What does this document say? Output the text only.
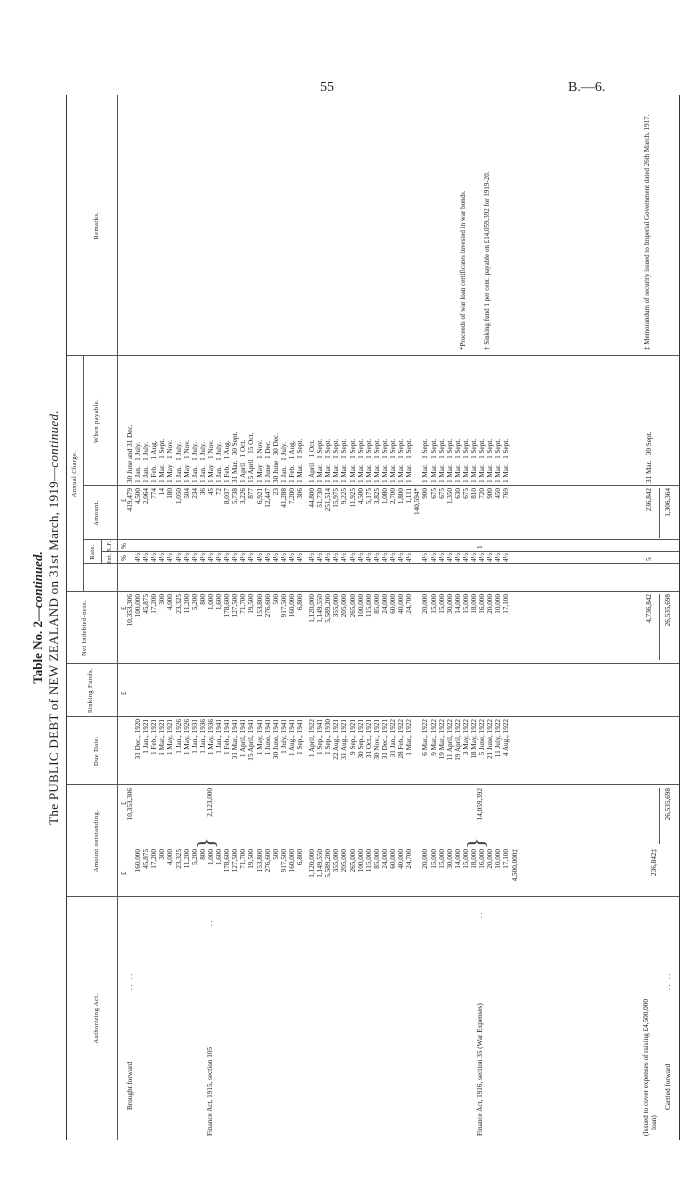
55	B.—6.
Table No. 2—continued. The PUBLIC DEBT of NEW ZEALAND on 31st March, 1919—continued.
Authorizing Act.
Amount outstanding.
Due Date.
Sinking Funds.
Net Indebted-ness.
Annual Charge.
Rate. Int.
S.F.
Amount.
When payable.
Remarks.
£
£
£
£
%
%
£
Brought forward
. .   . .
10,353,306
10,353,306
419,479
30 June and 31 Dec.
Finance Act, 1915, section 105
. .
}
2,123,000
160,000
31 Dec., 1920
100,000
4½
4,500
1 Jan.   1 July.
45,875
1 Jan., 1921
45,875
4½
2,064
1 Jan.   1 July.
17,200
1 Feb., 1921
17,200
4½
774
1 Feb.   1 Aug.
300
1 Mar., 1921
300
4½
14
1 Mar.   1 Sept.
4,000
1 May, 1921
4,000
4½
180
1 May   1 Nov.
23,325
1 Jan., 1926
23,325
4½
1,050
1 Jan.   1 July.
11,200
1 May, 1926
11,200
4½
504
1 May   1 Nov.
5,200
1 Jan., 1931
5,200
4½
234
1 Jan.   1 July.
800
1 Jan., 1936
800
4½
36
1 Jan.   1 July.
1,000
1 May, 1936
1,000
4½
45
1 May   1 Nov.
1,600
1 Jan., 1941
1,600
4½
72
1 Jan.   1 July.
178,600
1 Feb., 1941
178,600
4½
8,037
1 Feb.   1 Aug.
127,500
31 Mar., 1941
127,500
4½
5,738
31 Mar.   30 Sept.
71,700
1 April, 1941
71,700
4½
3,226
1 April   1 Oct.
19,500
15 April, 1941
19,500
4½
877
15 April   15 Oct.
153,800
1 May, 1941
153,800
4½
6,921
1 May   1 Nov.
276,600
1 June, 1941
276,600
4½
12,447
1 June   1 Dec.
500
30 June, 1941
500
4½
23
30 June   30 Dec.
917,500
1 July, 1941
917,500
4½
41,288
1 Jan.   1 July.
160,000
1 Aug., 1941
160,000
4½
7,200
1 Feb.   1 Aug.
6,800
1 Sep., 1941
6,800
4½
306
1 Mar.   1 Sept.
Finance Act, 1916, section 35 (War Expenses)
. .
}
14,059,392
1
1,120,000
1 April, 1922
1,120,000
4½
44,800
1 April   1 Oct.
1,149,550
1 Sep., 1941
1,149,550
4½
51,730
1 Mar.   1 Sept.
5,589,200
1 Sep., 1930
5,589,200
4½
251,514
1 Mar.   1 Sept.
355,000
22 Aug., 1921
355,000
4½
15,975
1 Mar.   1 Sept.
205,000
31 Aug., 1921
205,000
4½
9,225
1 Mar.   1 Sept.
265,000
9 Sep., 1921
265,000
4½
11,925
1 Mar.   1 Sept.
100,000
30 Sep., 1921
100,000
4½
4,500
1 Mar.   1 Sept.
115,000
31 Oct., 1921
115,000
4½
5,175
1 Mar.   1 Sept.
85,000
30 Nov., 1921
85,000
4½
3,825
1 Mar.   1 Sept.
24,000
31 Dec., 1921
24,000
4½
1,080
1 Mar.   1 Sept.
60,000
31 Jan., 1922
60,000
4½
2,700
1 Mar.   1 Sept.
40,000
28 Feb., 1922
40,000
4½
1,800
1 Mar.   1 Sept.
24,700
1 Mar., 1922
24,700
4½
1,111
1 Mar.   1 Sept.
140,594*
20,000
6 Mar., 1922
20,000
4½
900
1 Mar.   1 Sept.
15,000
9 Mar., 1922
15,000
4½
675
1 Mar.   1 Sept.
15,000
19 Mar., 1922
15,000
4½
675
1 Mar.   1 Sept.
30,000
11 April, 1922
30,000
4½
1,350
1 Mar.   1 Sept.
14,000
19 April, 1922
14,000
4½
630
1 Mar.   1 Sept.
15,000
3 May, 1922
15,000
4½
675
1 Mar.   1 Sept.
18,000
18 May, 1922
18,000
4½
810
1 Mar.   1 Sept.
16,000
5 June, 1922
16,000
4½
720
1 Mar.   1 Sept.
20,000
21 June, 1922
20,000
4½
900
1 Mar.   1 Sept.
10,000
11 July, 1922
10,000
4½
450
1 Mar.   1 Sept.
17,100
4 Aug., 1922
17,100
4½
769
1 Mar.   1 Sept.
4,500,000‡
(Issued to cover expenses of raising £4,500,000 loan)
236,842‡
4,736,842
5
236,842
31 Mar.   30 Sept.
Carried forward
. .   . .
26,535,698
26,535,698
1,306,364
*Proceeds of war loan certificates invested in war bonds. † Sinking fund 1 per cent. payable on £14,059,392 for 1919-20.	‡ Memorandum of security issued to Imperial Government dated 26th March, 1917.
